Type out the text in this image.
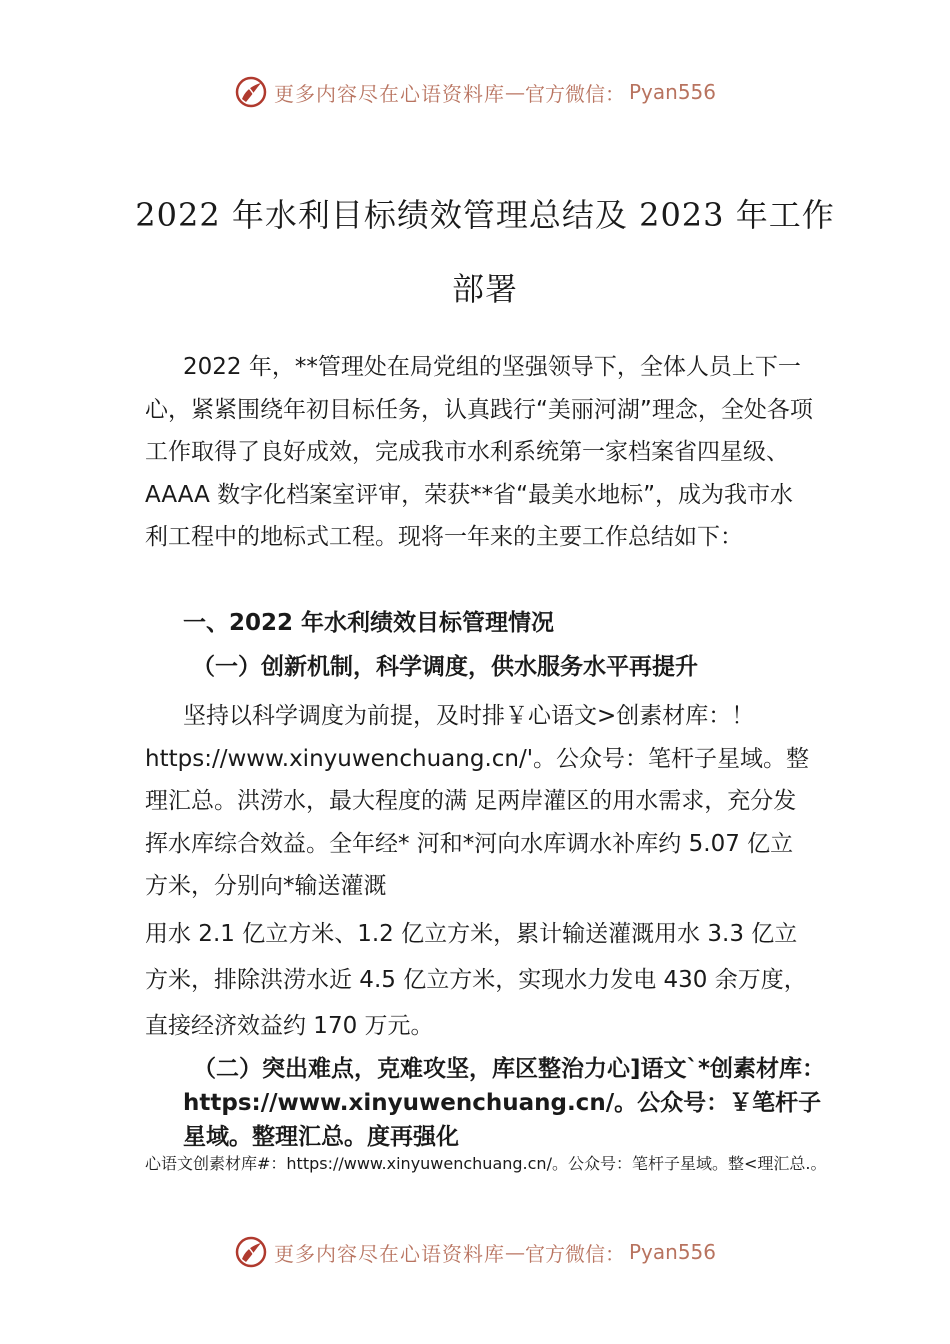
更多内容尽在心语资料库 — 官方微信： Pyan556
2022 年水利目标绩效管理总结及 2023 年工作部署
2022 年，**管理处在局党组的坚强领导下，全体人员上下一心，紧紧围绕年初目标任务，认真践行“美丽河湖”理念，全处各项工作取得了良好成效，完成我市水利系统第一家档案省四星级、AAAA 数字化档案室评审，荣获**省“最美水地标”，成为我市水利工程中的地标式工程。现将一年来的主要工作总结如下：
一、2022 年水利绩效目标管理情况
（一）创新机制，科学调度，供水服务水平再提升
坚持以科学调度为前提，及时排￥心语文>创素材库：！https://www.xinyuwenchuang.cn/'。公众号：笔杆子星域。整理汇总。洪涝水，最大程度的满 足两岸灌区的用水需求，充分发挥水库综合效益。全年经* 河和*河向水库调水补库约 5.07 亿立方米，分别向*输送灌溉
用水 2.1 亿立方米、1.2 亿立方米，累计输送灌溉用水 3.3 亿立方米，排除洪涝水近 4.5 亿立方米，实现水力发电 430 余万度，直接经济效益约 170 万元。
（二）突出难点，克难攻坚，库区整治力心]语文`*创素材库：https://www.xinyuwenchuang.cn/。公众号：￥笔杆子星域。整理汇总。度再强化
心语文创素材库#：https://www.xinyuwenchuang.cn/。公众号：笔杆子星域。整<理汇总.。
更多内容尽在心语资料库 — 官方微信： Pyan556
